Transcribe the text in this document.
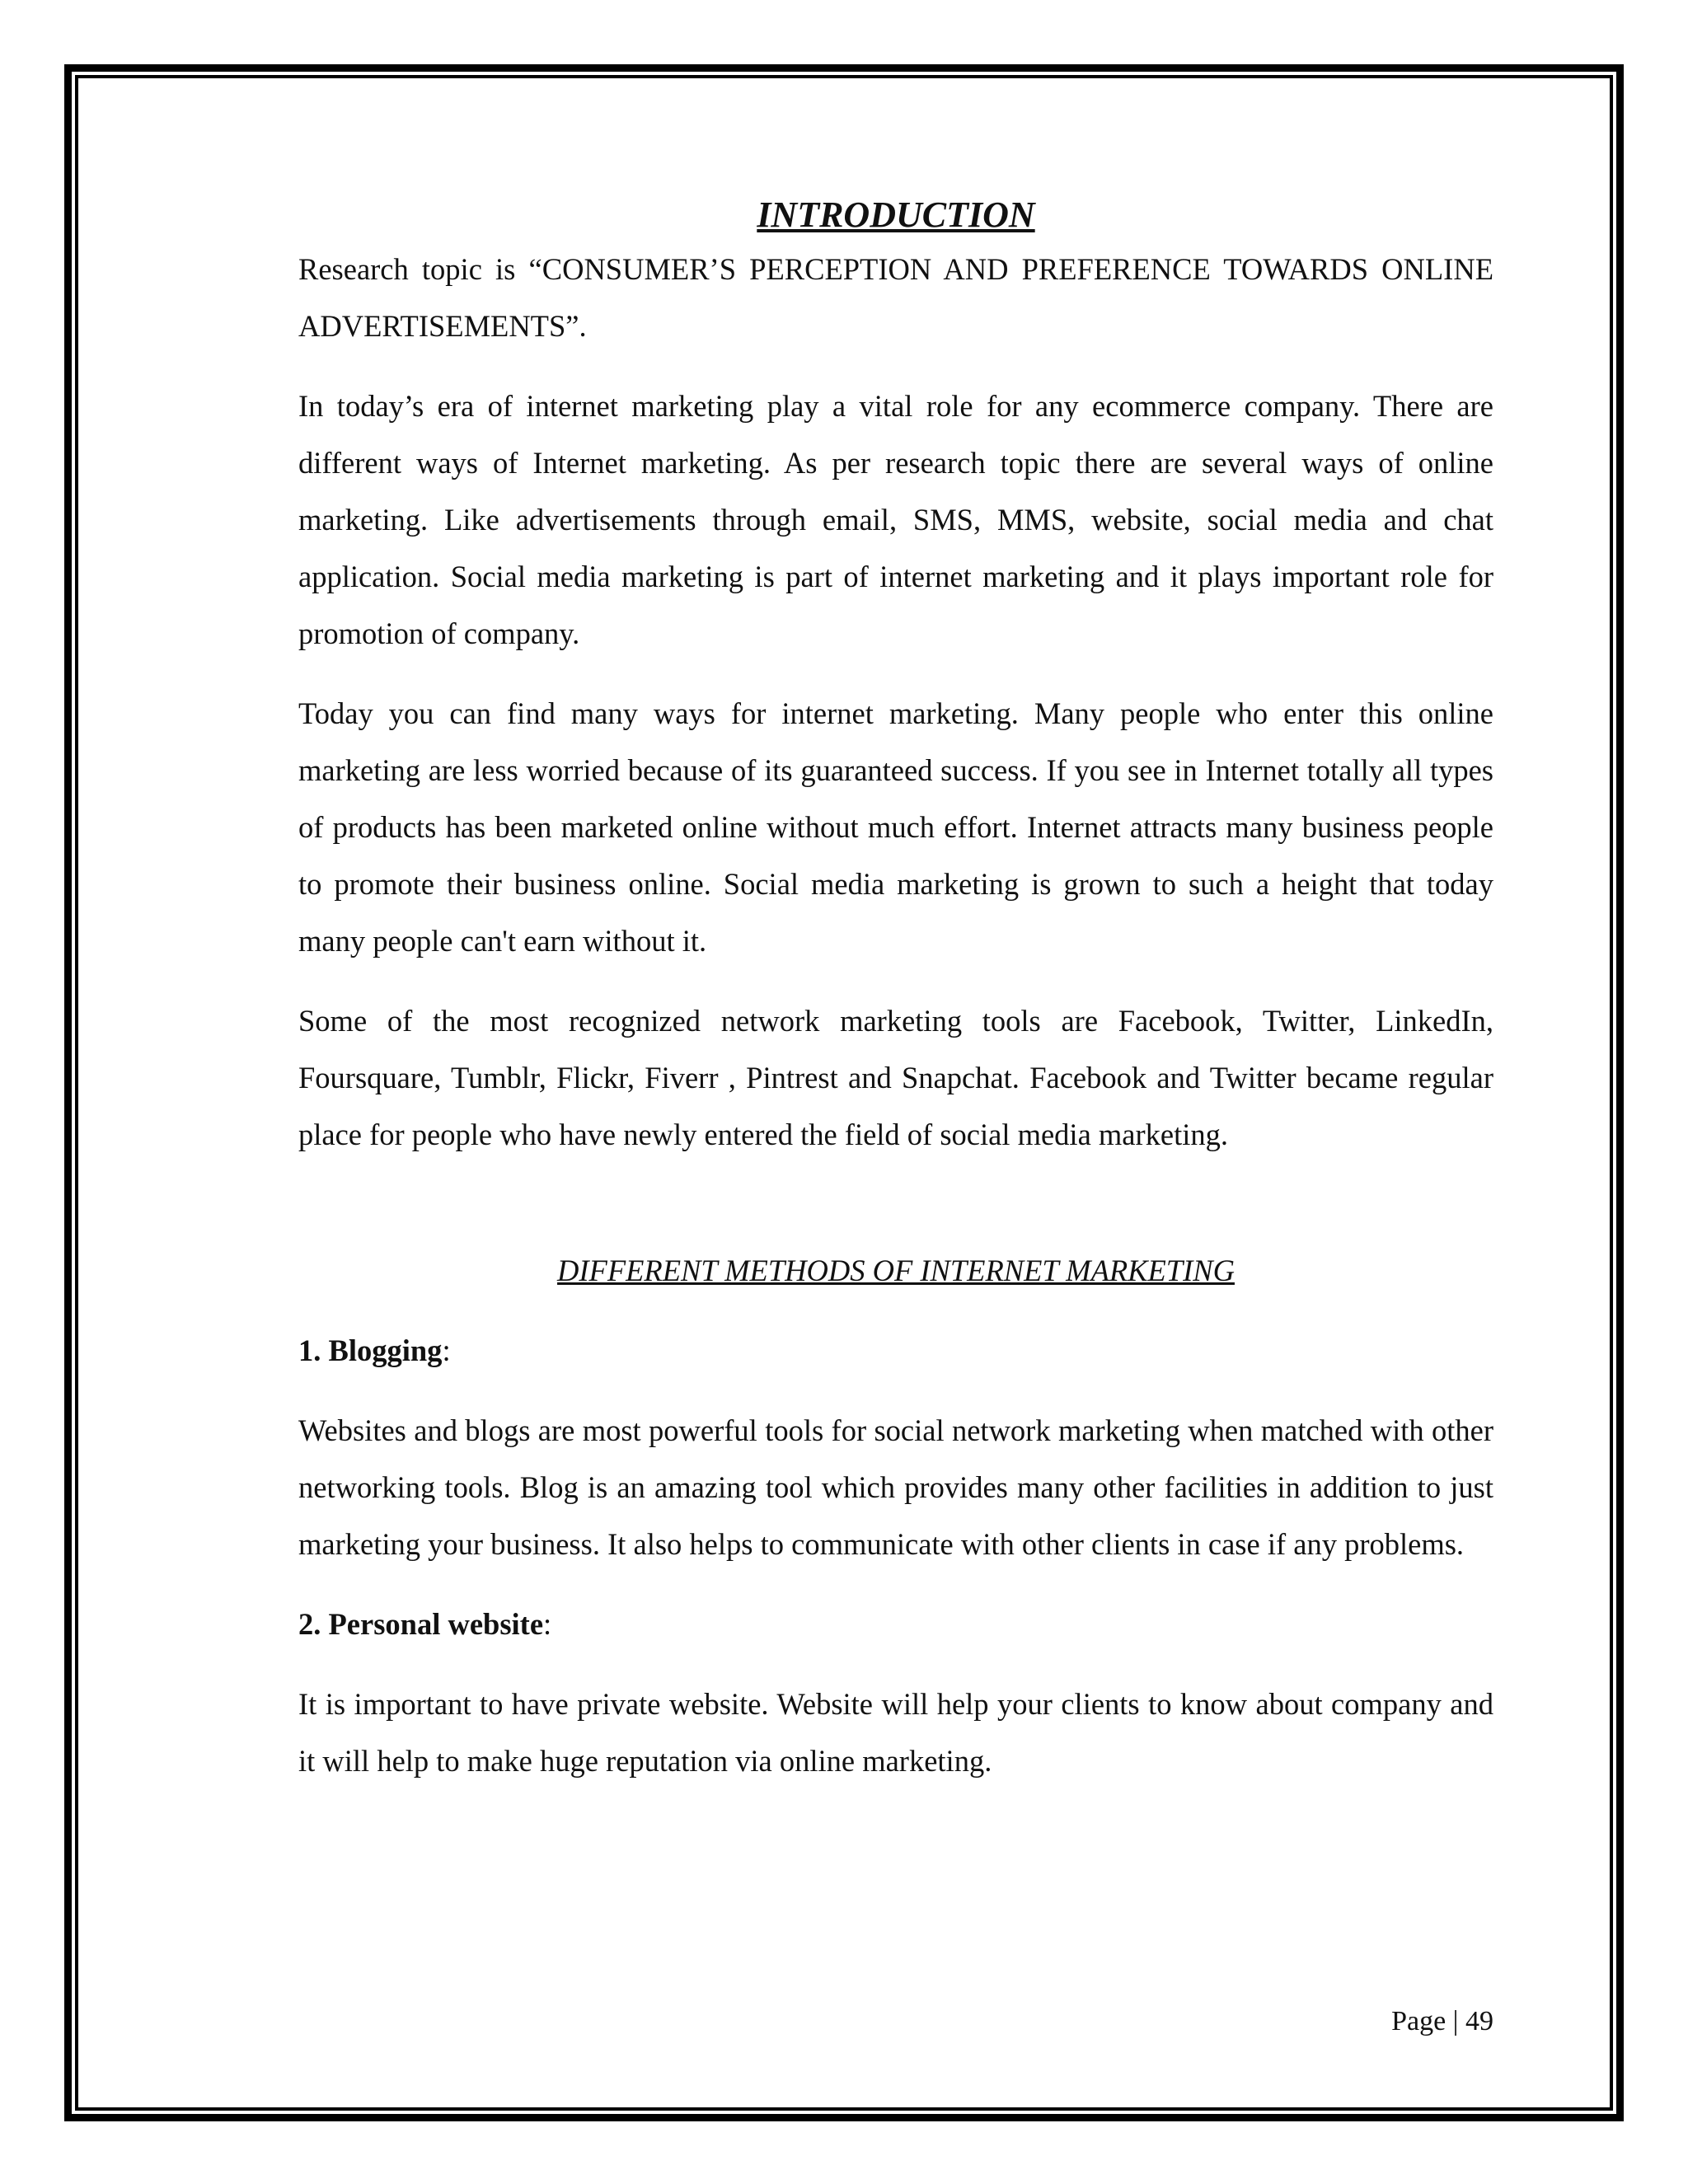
INTRODUCTION

Research topic is “CONSUMER’S PERCEPTION AND PREFERENCE TOWARDS ONLINE ADVERTISEMENTS”.

In today’s era of internet marketing play a vital role for any ecommerce company. There are different ways of Internet marketing. As per research topic there are several ways of online marketing. Like advertisements through email, SMS, MMS, website, social media and chat application. Social media marketing is part of internet marketing and it plays important role for promotion of company.

Today you can find many ways for internet marketing. Many people who enter this online marketing are less worried because of its guaranteed success. If you see in Internet totally all types of products has been marketed online without much effort. Internet attracts many business people to promote their business online. Social media marketing is grown to such a height that today many people can't earn without it.

Some of the most recognized network marketing tools are Facebook, Twitter, LinkedIn, Foursquare, Tumblr, Flickr, Fiverr , Pintrest and Snapchat. Facebook and Twitter became regular place for people who have newly entered the field of social media marketing.

DIFFERENT METHODS OF INTERNET MARKETING
1. Blogging:

Websites and blogs are most powerful tools for social network marketing when matched with other networking tools. Blog is an amazing tool which provides many other facilities in addition to just marketing your business. It also helps to communicate with other clients in case if any problems.

2. Personal website:

It is important to have private website. Website will help your clients to know about company and it will help to make huge reputation via online marketing.

Page | 49
